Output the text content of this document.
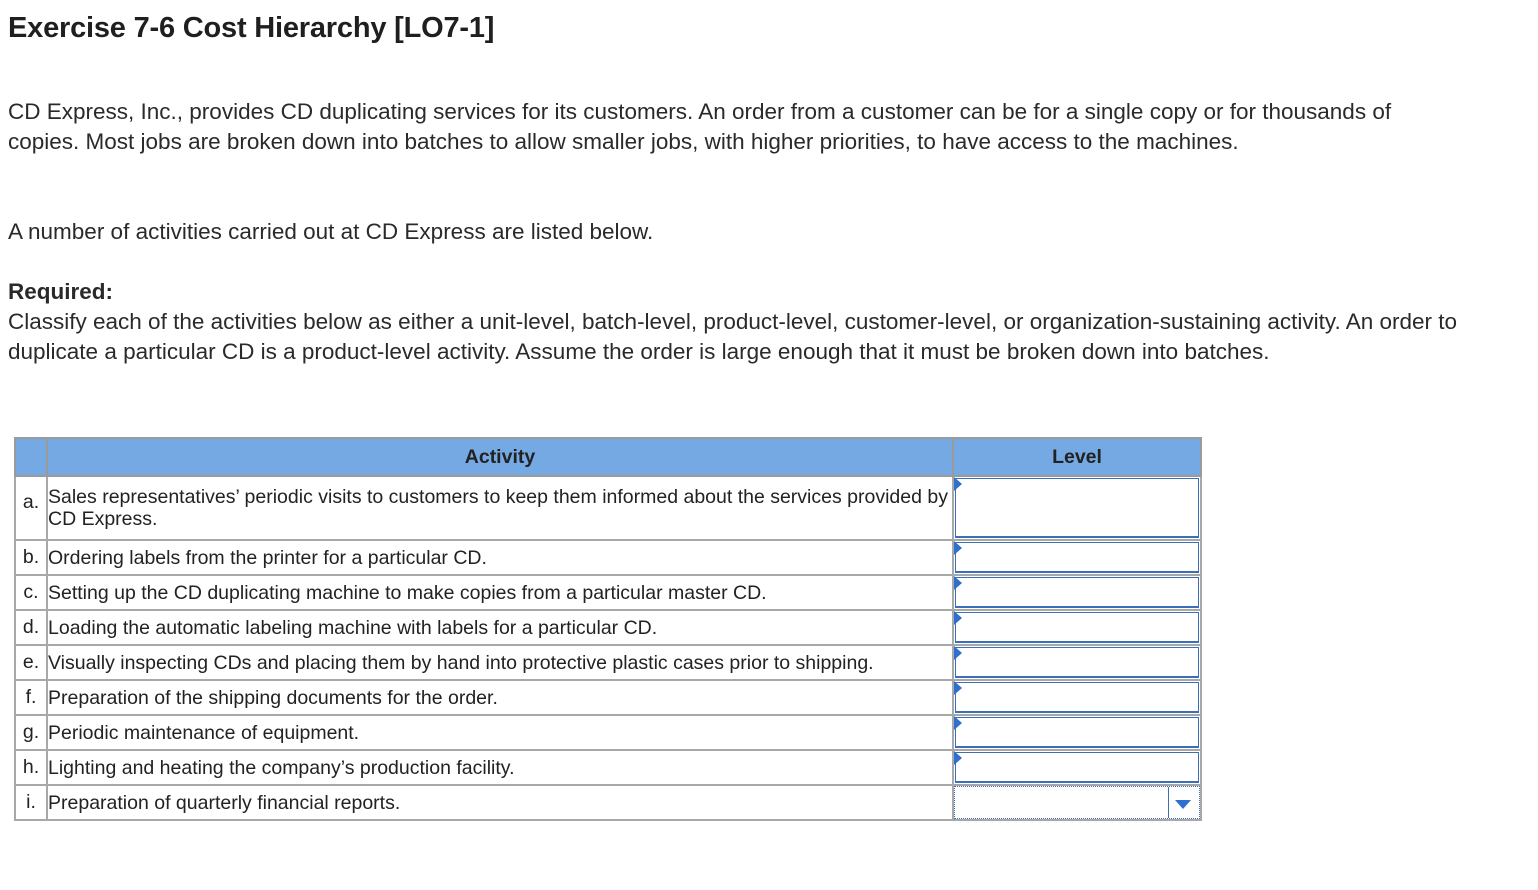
Exercise 7-6 Cost Hierarchy [LO7-1]

CD Express, Inc., provides CD duplicating services for its customers. An order from a customer can be for a single copy or for thousands of copies. Most jobs are broken down into batches to allow smaller jobs, with higher priorities, to have access to the machines.

A number of activities carried out at CD Express are listed below.

Required:

Classify each of the activities below as either a unit-level, batch-level, product-level, customer-level, or organization-sustaining activity. An order to duplicate a particular CD is a product-level activity. Assume the order is large enough that it must be broken down into batches.

	Activity	Level
a.	Sales representatives’ periodic visits to customers to keep them informed about the services provided by CD Express.	

b.	Ordering labels from the printer for a particular CD.	

c.	Setting up the CD duplicating machine to make copies from a particular master CD.	

d.	Loading the automatic labeling machine with labels for a particular CD.	

e.	Visually inspecting CDs and placing them by hand into protective plastic cases prior to shipping.	

f.	Preparation of the shipping documents for the order.	

g.	Periodic maintenance of equipment.	

h.	Lighting and heating the company’s production facility.	

i.	Preparation of quarterly financial reports.	
